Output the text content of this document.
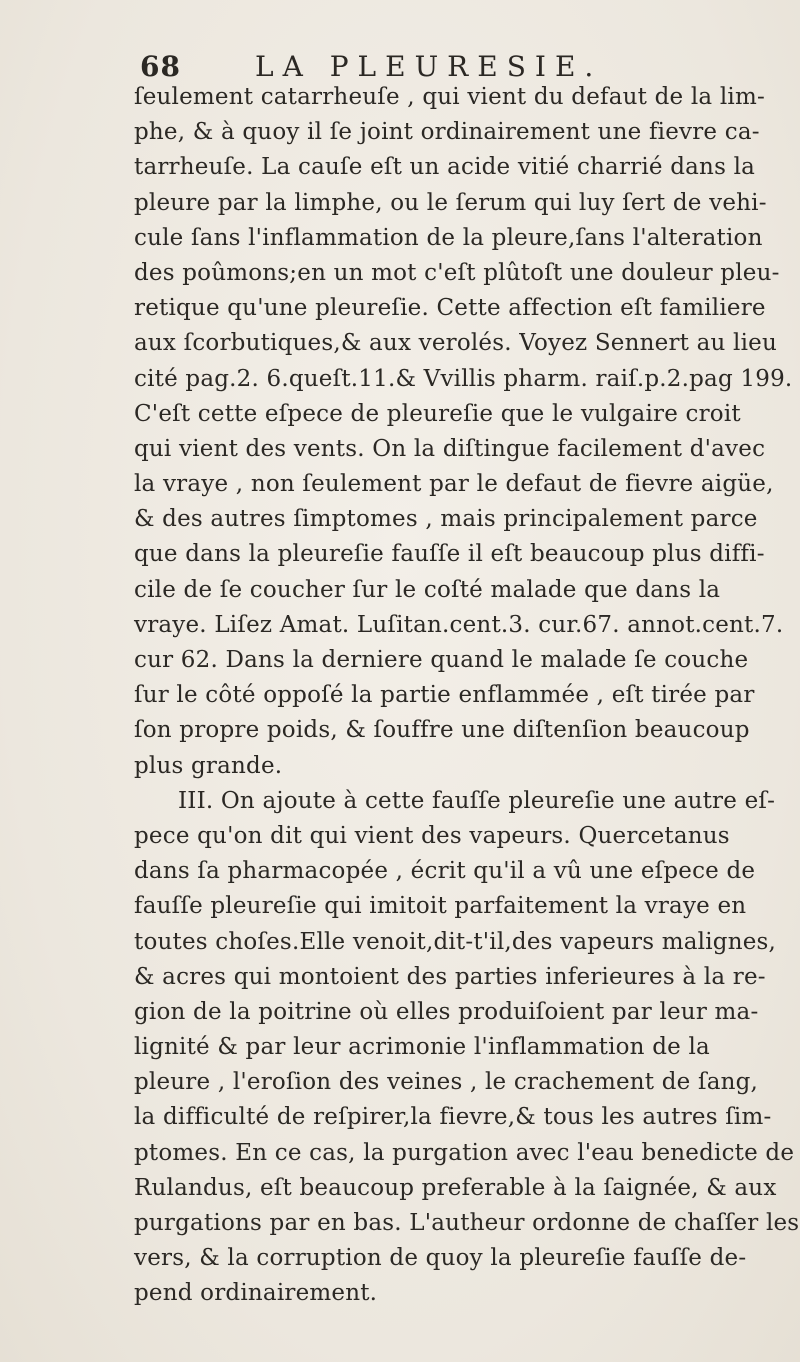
68	LA PLEURESIE.
ſeulement catarrheuſe , qui vient du defaut de la lim-
phe, & à quoy il ſe joint ordinairement une fievre ca-
tarrheuſe. La cauſe eſt un acide vitié charrié dans la
pleure par la limphe, ou le ſerum qui luy ſert de vehi-
cule ſans l'inflammation de la pleure,ſans l'alteration
des poûmons;en un mot c'eſt plûtoſt une douleur pleu-
retique qu'une pleureſie. Cette affection eſt familiere
aux ſcorbutiques,& aux verolés. Voyez Sennert au lieu
cité pag.2. 6.queſt.11.& Vvillis pharm. raiſ.p.2.pag 199.
C'eſt cette eſpece de pleureſie que le vulgaire croit
qui vient des vents. On la diſtingue facilement d'avec
la vraye , non ſeulement par le defaut de fievre aigüe,
& des autres ſimptomes , mais principalement parce
que dans la pleureſie fauſſe il eſt beaucoup plus diffi-
cile de ſe coucher ſur le coſté malade que dans la
vraye. Liſez Amat. Luſitan.cent.3. cur.67. annot.cent.7.
cur 62. Dans la derniere quand le malade ſe couche
ſur le côté oppoſé la partie enflammée , eſt tirée par
ſon propre poids, & ſouffre une diſtenſion beaucoup
plus grande.
III. On ajoute à cette fauſſe pleureſie une autre eſ-
pece qu'on dit qui vient des vapeurs. Quercetanus
dans ſa pharmacopée , écrit qu'il a vû une eſpece de
fauſſe pleureſie qui imitoit parfaitement la vraye en
toutes choſes.Elle venoit,dit-t'il,des vapeurs malignes,
& acres qui montoient des parties inferieures à la re-
gion de la poitrine où elles produiſoient par leur ma-
lignité & par leur acrimonie l'inflammation de la
pleure , l'eroſion des veines , le crachement de ſang,
la difficulté de reſpirer,la fievre,& tous les autres ſim-
ptomes. En ce cas, la purgation avec l'eau benedicte de
Rulandus, eſt beaucoup preferable à la ſaignée, & aux
purgations par en bas. L'autheur ordonne de chaſſer les
vers, & la corruption de quoy la pleureſie fauſſe de-
pend ordinairement.
